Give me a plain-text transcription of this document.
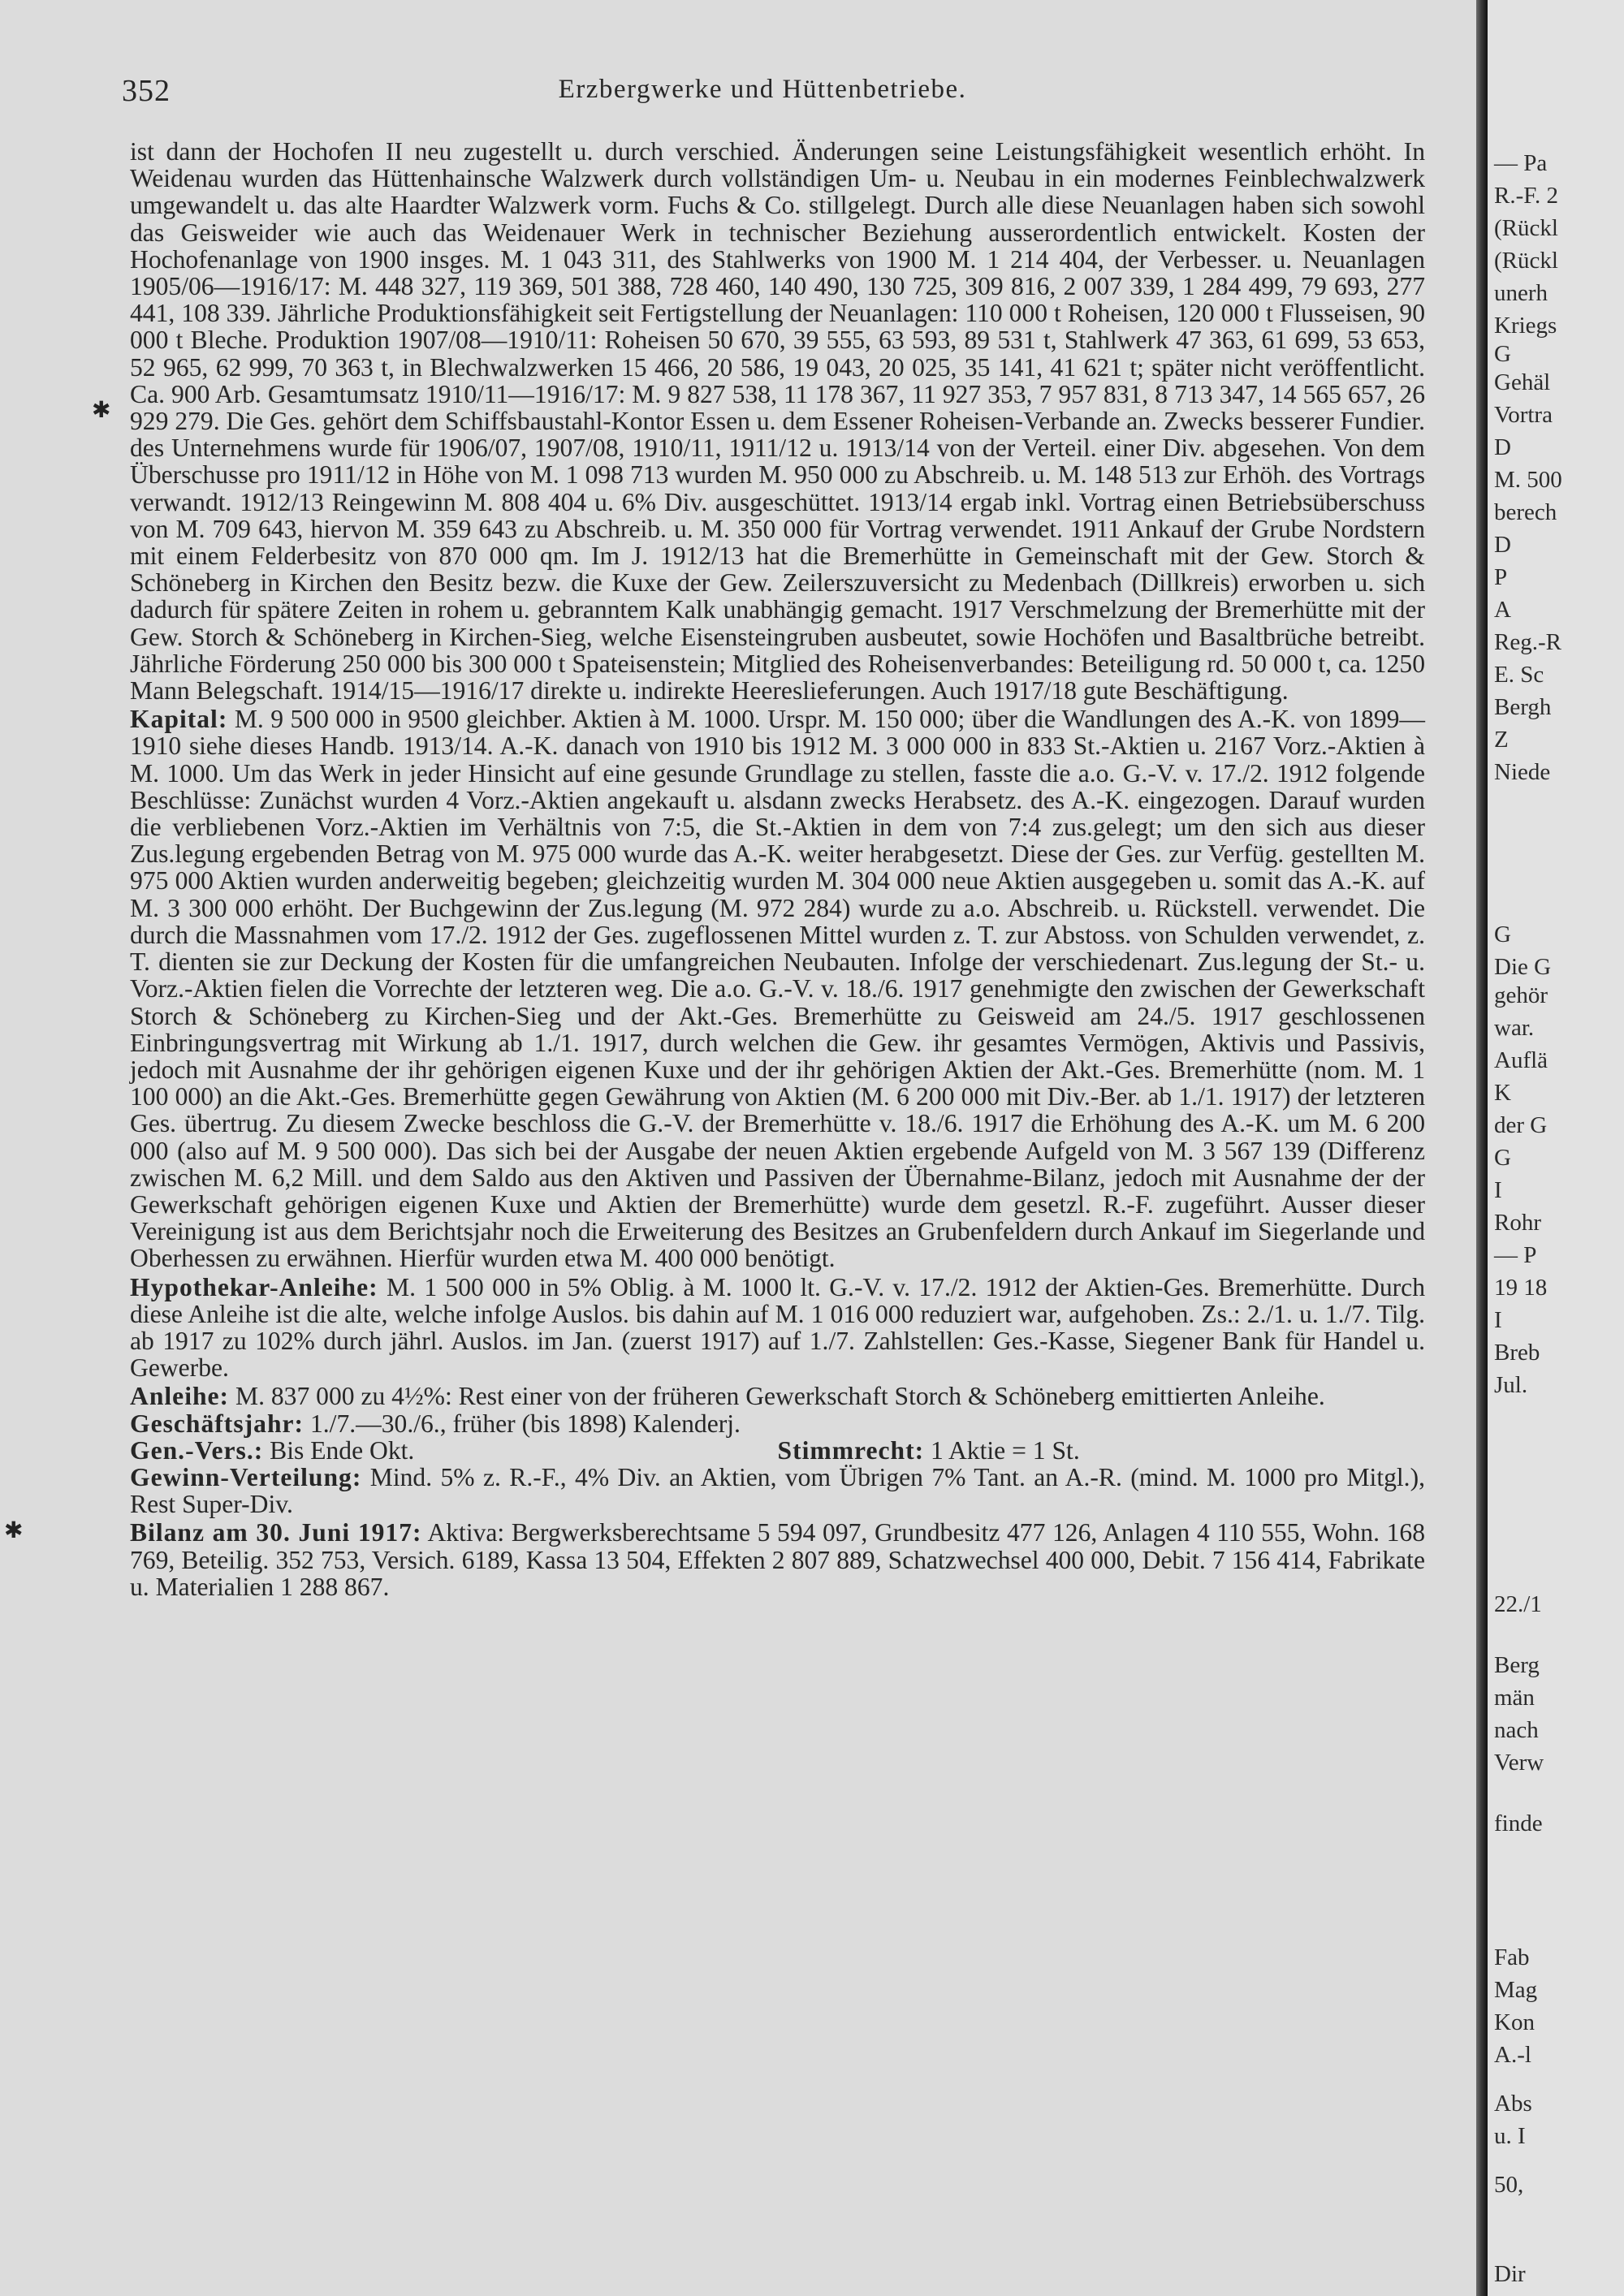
352	Erzbergwerke und Hüttenbetriebe.
✱
✱

ist dann der Hochofen II neu zugestellt u. durch verschied. Änderungen seine Leistungsfähigkeit wesentlich erhöht. In Weidenau wurden das Hüttenhainsche Walzwerk durch vollständigen Um- u. Neubau in ein modernes Feinblechwalzwerk umgewandelt u. das alte Haardter Walzwerk vorm. Fuchs & Co. stillgelegt. Durch alle diese Neuanlagen haben sich sowohl das Geisweider wie auch das Weidenauer Werk in technischer Beziehung ausserordentlich entwickelt. Kosten der Hochofenanlage von 1900 insges. M. 1 043 311, des Stahlwerks von 1900 M. 1 214 404, der Verbesser. u. Neuanlagen 1905/06—1916/17: M. 448 327, 119 369, 501 388, 728 460, 140 490, 130 725, 309 816, 2 007 339, 1 284 499, 79 693, 277 441, 108 339. Jährliche Produktionsfähigkeit seit Fertigstellung der Neuanlagen: 110 000 t Roheisen, 120 000 t Flusseisen, 90 000 t Bleche. Produktion 1907/08—1910/11: Roheisen 50 670, 39 555, 63 593, 89 531 t, Stahlwerk 47 363, 61 699, 53 653, 52 965, 62 999, 70 363 t, in Blechwalzwerken 15 466, 20 586, 19 043, 20 025, 35 141, 41 621 t; später nicht veröffentlicht. Ca. 900 Arb. Gesamtumsatz 1910/11—1916/17: M. 9 827 538, 11 178 367, 11 927 353, 7 957 831, 8 713 347, 14 565 657, 26 929 279. Die Ges. gehört dem Schiffsbaustahl-Kontor Essen u. dem Essener Roheisen-Verbande an. Zwecks besserer Fundier. des Unternehmens wurde für 1906/07, 1907/08, 1910/11, 1911/12 u. 1913/14 von der Verteil. einer Div. abgesehen. Von dem Überschusse pro 1911/12 in Höhe von M. 1 098 713 wurden M. 950 000 zu Abschreib. u. M. 148 513 zur Erhöh. des Vortrags verwandt. 1912/13 Reingewinn M. 808 404 u. 6% Div. ausgeschüttet. 1913/14 ergab inkl. Vortrag einen Betriebsüberschuss von M. 709 643, hiervon M. 359 643 zu Abschreib. u. M. 350 000 für Vortrag verwendet. 1911 Ankauf der Grube Nordstern mit einem Felderbesitz von 870 000 qm. Im J. 1912/13 hat die Bremerhütte in Gemeinschaft mit der Gew. Storch & Schöneberg in Kirchen den Besitz bezw. die Kuxe der Gew. Zeilerszuversicht zu Medenbach (Dillkreis) erworben u. sich dadurch für spätere Zeiten in rohem u. gebranntem Kalk unabhängig gemacht. 1917 Verschmelzung der Bremerhütte mit der Gew. Storch & Schöneberg in Kirchen-Sieg, welche Eisensteingruben ausbeutet, sowie Hochöfen und Basaltbrüche betreibt. Jährliche Förderung 250 000 bis 300 000 t Spateisenstein; Mitglied des Roheisenverbandes: Beteiligung rd. 50 000 t, ca. 1250 Mann Belegschaft. 1914/15—1916/17 direkte u. indirekte Heereslieferungen. Auch 1917/18 gute Beschäftigung.

Kapital: M. 9 500 000 in 9500 gleichber. Aktien à M. 1000. Urspr. M. 150 000; über die Wandlungen des A.-K. von 1899—1910 siehe dieses Handb. 1913/14. A.-K. danach von 1910 bis 1912 M. 3 000 000 in 833 St.-Aktien u. 2167 Vorz.-Aktien à M. 1000. Um das Werk in jeder Hinsicht auf eine gesunde Grundlage zu stellen, fasste die a.o. G.-V. v. 17./2. 1912 folgende Beschlüsse: Zunächst wurden 4 Vorz.-Aktien angekauft u. alsdann zwecks Herabsetz. des A.-K. eingezogen. Darauf wurden die verbliebenen Vorz.-Aktien im Verhältnis von 7:5, die St.-Aktien in dem von 7:4 zus.gelegt; um den sich aus dieser Zus.legung ergebenden Betrag von M. 975 000 wurde das A.-K. weiter herabgesetzt. Diese der Ges. zur Verfüg. gestellten M. 975 000 Aktien wurden anderweitig begeben; gleichzeitig wurden M. 304 000 neue Aktien ausgegeben u. somit das A.-K. auf M. 3 300 000 erhöht. Der Buchgewinn der Zus.legung (M. 972 284) wurde zu a.o. Abschreib. u. Rückstell. verwendet. Die durch die Massnahmen vom 17./2. 1912 der Ges. zugeflossenen Mittel wurden z. T. zur Abstoss. von Schulden verwendet, z. T. dienten sie zur Deckung der Kosten für die umfangreichen Neubauten. Infolge der verschiedenart. Zus.legung der St.- u. Vorz.-Aktien fielen die Vorrechte der letzteren weg. Die a.o. G.-V. v. 18./6. 1917 genehmigte den zwischen der Gewerkschaft Storch & Schöneberg zu Kirchen-Sieg und der Akt.-Ges. Bremerhütte zu Geisweid am 24./5. 1917 geschlossenen Einbringungsvertrag mit Wirkung ab 1./1. 1917, durch welchen die Gew. ihr gesamtes Vermögen, Aktivis und Passivis, jedoch mit Ausnahme der ihr gehörigen eigenen Kuxe und der ihr gehörigen Aktien der Akt.-Ges. Bremerhütte (nom. M. 1 100 000) an die Akt.-Ges. Bremerhütte gegen Gewährung von Aktien (M. 6 200 000 mit Div.-Ber. ab 1./1. 1917) der letzteren Ges. übertrug. Zu diesem Zwecke beschloss die G.-V. der Bremerhütte v. 18./6. 1917 die Erhöhung des A.-K. um M. 6 200 000 (also auf M. 9 500 000). Das sich bei der Ausgabe der neuen Aktien ergebende Aufgeld von M. 3 567 139 (Differenz zwischen M. 6,2 Mill. und dem Saldo aus den Aktiven und Passiven der Übernahme-Bilanz, jedoch mit Ausnahme der der Gewerkschaft gehörigen eigenen Kuxe und Aktien der Bremerhütte) wurde dem gesetzl. R.-F. zugeführt. Ausser dieser Vereinigung ist aus dem Berichtsjahr noch die Erweiterung des Besitzes an Grubenfeldern durch Ankauf im Siegerlande und Oberhessen zu erwähnen. Hierfür wurden etwa M. 400 000 benötigt.

Hypothekar-Anleihe: M. 1 500 000 in 5% Oblig. à M. 1000 lt. G.-V. v. 17./2. 1912 der Aktien-Ges. Bremerhütte. Durch diese Anleihe ist die alte, welche infolge Auslos. bis dahin auf M. 1 016 000 reduziert war, aufgehoben. Zs.: 2./1. u. 1./7. Tilg. ab 1917 zu 102% durch jährl. Auslos. im Jan. (zuerst 1917) auf 1./7. Zahlstellen: Ges.-Kasse, Siegener Bank für Handel u. Gewerbe.

Anleihe: M. 837 000 zu 4½%: Rest einer von der früheren Gewerkschaft Storch & Schöneberg emittierten Anleihe.

Geschäftsjahr: 1./7.—30./6., früher (bis 1898) Kalenderj.

Gen.-Vers.: Bis Ende Okt.	Stimmrecht: 1 Aktie = 1 St.

Gewinn-Verteilung: Mind. 5% z. R.-F., 4% Div. an Aktien, vom Übrigen 7% Tant. an A.-R. (mind. M. 1000 pro Mitgl.), Rest Super-Div.

Bilanz am 30. Juni 1917: Aktiva: Bergwerksberechtsame 5 594 097, Grundbesitz 477 126, Anlagen 4 110 555, Wohn. 168 769, Beteilig. 352 753, Versich. 6189, Kassa 13 504, Effekten 2 807 889, Schatzwechsel 400 000, Debit. 7 156 414, Fabrikate u. Materialien 1 288 867.

— Pa
R.-F. 2
(Rückl
(Rückl
unerh
Kriegs
G
Gehäl
Vortra
D
M. 500
berech
D
P
A
Reg.-R
E. Sc
Bergh
Z
Niede
G
Die G
gehör
war.
Auflä
K
der G
G
I
Rohr
— P
19 18
I
Breb
Jul.
22./1
Berg
män
nach
Verw
finde
Fab
Mag
Kon
A.-l
Abs
u. I
50,
Dir
